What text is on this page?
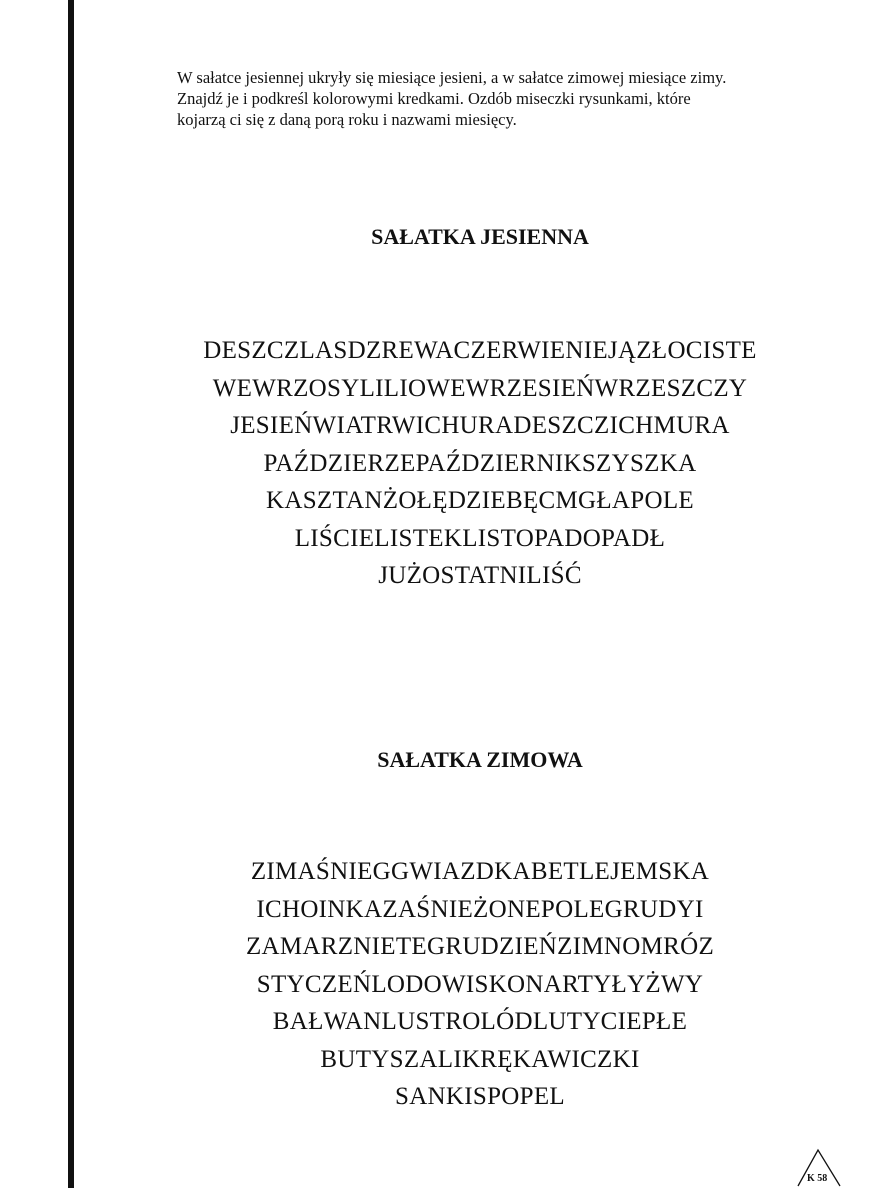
W sałatce jesiennej ukryły się miesiące jesieni, a w sałatce zimowej miesiące zimy.
Znajdź je i podkreśl kolorowymi kredkami. Ozdób miseczki rysunkami, które
kojarzą ci się z daną porą roku i nazwami miesięcy.
SAŁATKA JESIENNA
DESZCZLASDZREWACZERWIENIEJĄZŁOCISTE
WEWRZOSYLILIOWEWRZESIEŃWRZESZCZY
JESIEŃWIATRWICHURADESZCZICHMURA
PAŹDZIERZEPAŹDZIERNIKSZYSZKA
KASZTANŻOŁĘDZIEBĘCMGŁAPOLE
LIŚCIELISTEKLISTOPADOPADŁ
JUŻOSTATNILIŚĆ
SAŁATKA ZIMOWA
ZIMAŚNIEGGWIAZDKABETLEJEMSKA
ICHOINKAZAŚNIEŻONEPOLEGRUDYI
ZAMARZNIETEGRUDZIEŃZIMNOMRÓZ
STYCZEŃLODOWISKONARTYŁYŻWY
BAŁWANLUSTROLÓDLUTYCIEPŁE
BUTYSZALIKRĘKAWICZKI
SANKISPOPEL
K 58
